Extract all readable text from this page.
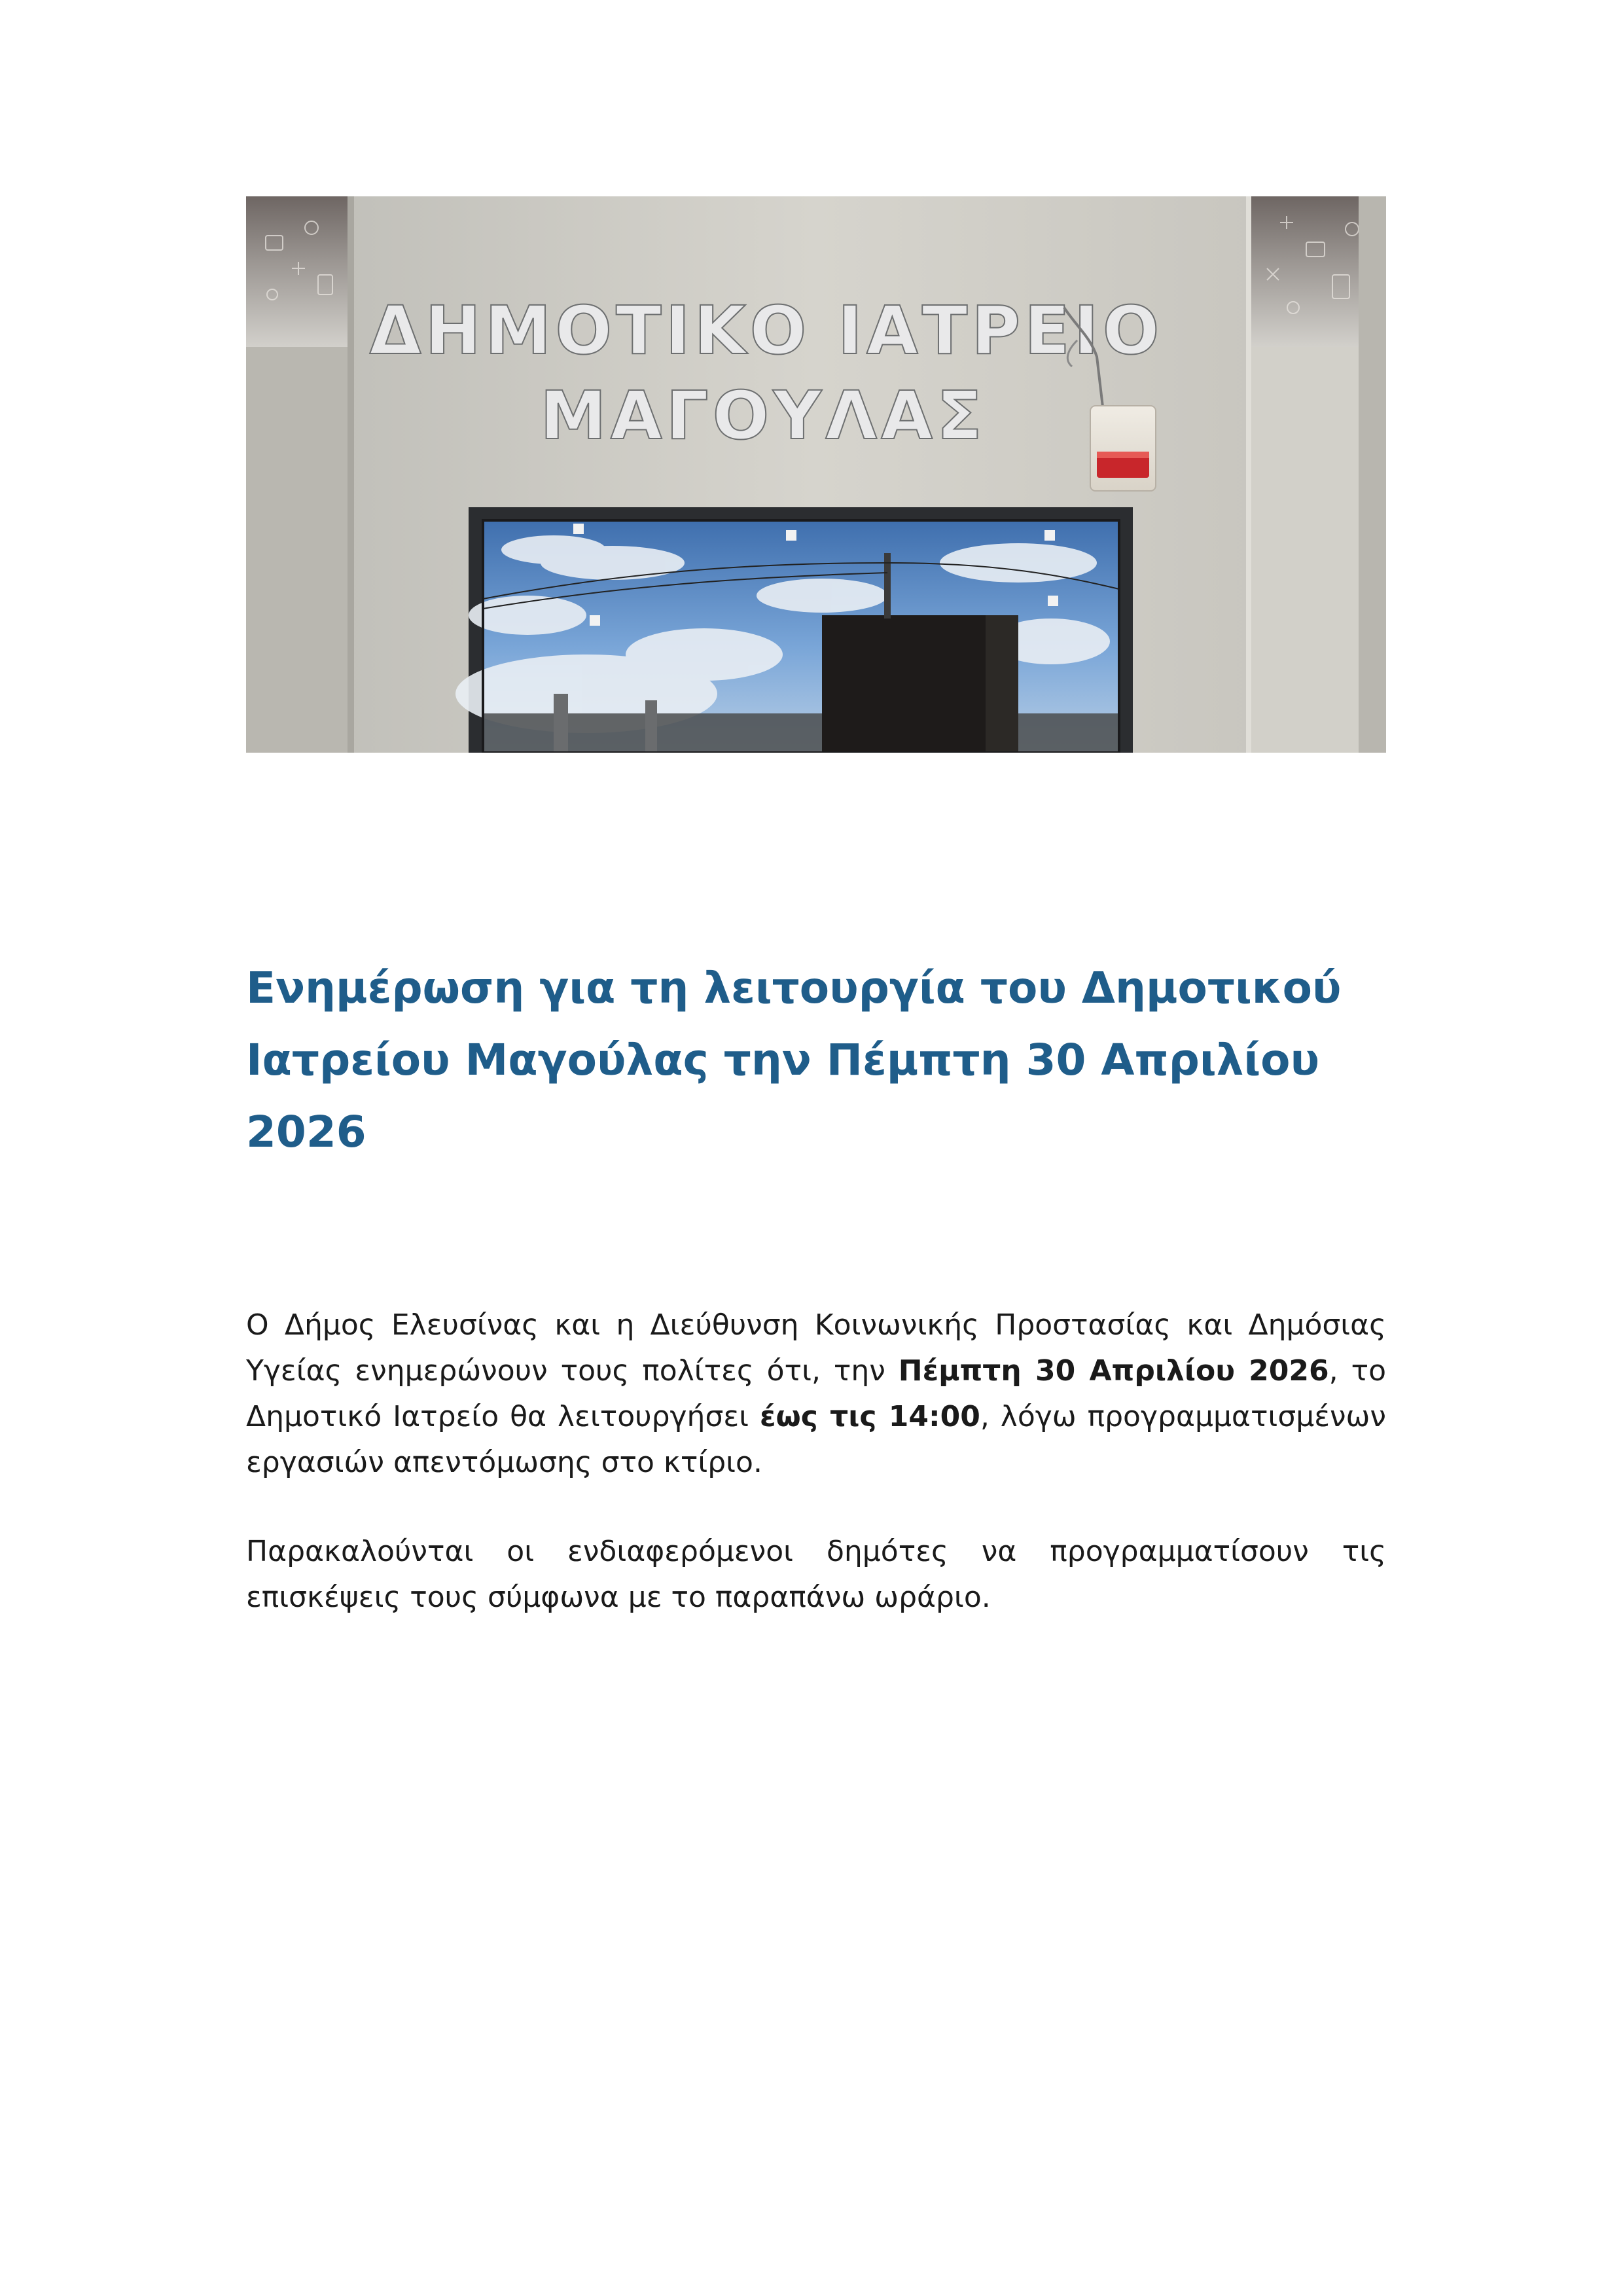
ΔΗΜΟΤΙΚΟ ΙΑΤΡΕΙΟ
ΜΑΓΟΥΛΑΣ
Ενημέρωση για τη λειτουργία του Δημοτικού Ιατρείου Μαγούλας την Πέμπτη 30 Απριλίου 2026

Ο Δήμος Ελευσίνας και η Διεύθυνση Κοινωνικής Προστασίας και Δημόσιας Υγείας ενημερώνουν τους πολίτες ότι, την Πέμπτη 30 Απριλίου 2026, το Δημοτικό Ιατρείο θα λειτουργήσει έως τις 14:00, λόγω προγραμματισμένων εργασιών απεντόμωσης στο κτίριο.

Παρακαλούνται οι ενδιαφερόμενοι δημότες να προγραμματίσουν τις επισκέψεις τους σύμφωνα με το παραπάνω ωράριο.
